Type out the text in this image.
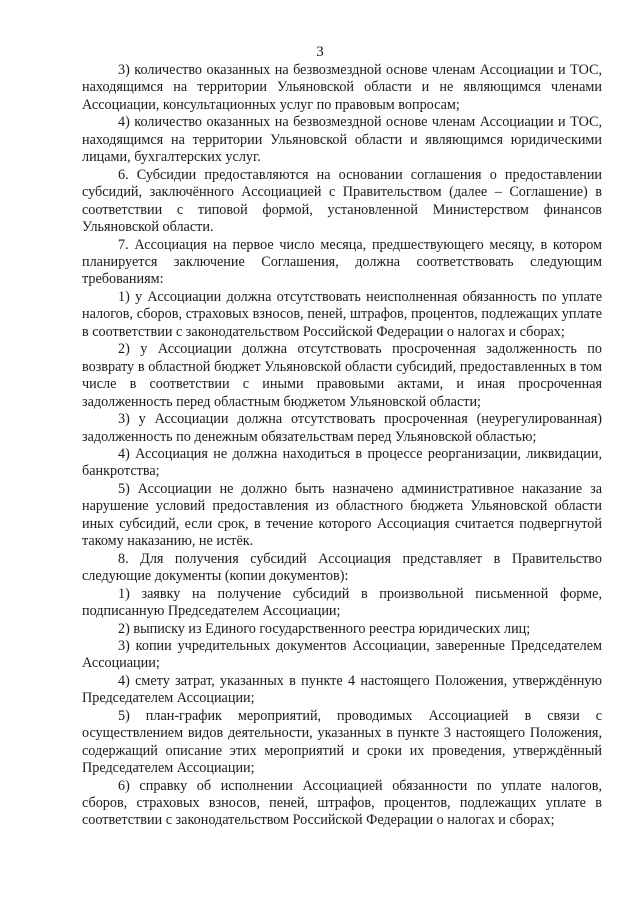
3

3) количество оказанных на безвозмездной основе членам Ассоциации и ТОС, находящимся на территории Ульяновской области и не являющимся членами Ассоциации, консультационных услуг по правовым вопросам;

4) количество оказанных на безвозмездной основе членам Ассоциации и ТОС, находящимся на территории Ульяновской области и являющимся юридическими лицами, бухгалтерских услуг.

6. Субсидии предоставляются на основании соглашения о предоставлении субсидий, заключённого Ассоциацией с Правительством (далее – Соглашение) в соответствии с типовой формой, установленной Министерством финансов Ульяновской области.

7. Ассоциация на первое число месяца, предшествующего месяцу, в котором планируется заключение Соглашения, должна соответствовать следующим требованиям:

1) у Ассоциации должна отсутствовать неисполненная обязанность по уплате налогов, сборов, страховых взносов, пеней, штрафов, процентов, подлежащих уплате в соответствии с законодательством Российской Федерации о налогах и сборах;

2) у Ассоциации должна отсутствовать просроченная задолженность по возврату в областной бюджет Ульяновской области субсидий, предоставленных в том числе в соответствии с иными правовыми актами, и иная просроченная задолженность перед областным бюджетом Ульяновской области;

3) у Ассоциации должна отсутствовать просроченная (неурегулированная) задолженность по денежным обязательствам перед Ульяновской областью;

4) Ассоциация не должна находиться в процессе реорганизации, ликвидации, банкротства;

5) Ассоциации не должно быть назначено административное наказание за нарушение условий предоставления из областного бюджета Ульяновской области иных субсидий, если срок, в течение которого Ассоциация считается подвергнутой такому наказанию, не истёк.

8. Для получения субсидий Ассоциация представляет в Правительство следующие документы (копии документов):

1) заявку на получение субсидий в произвольной письменной форме, подписанную Председателем Ассоциации;

2) выписку из Единого государственного реестра юридических лиц;

3) копии учредительных документов Ассоциации, заверенные Председателем Ассоциации;

4) смету затрат, указанных в пункте 4 настоящего Положения, утверждённую Председателем Ассоциации;

5) план-график мероприятий, проводимых Ассоциацией в связи с осуществлением видов деятельности, указанных в пункте 3 настоящего Положения, содержащий описание этих мероприятий и сроки их проведения, утверждённый Председателем Ассоциации;

6) справку об исполнении Ассоциацией обязанности по уплате налогов, сборов, страховых взносов, пеней, штрафов, процентов, подлежащих уплате в соответствии с законодательством Российской Федерации о налогах и сборах;
